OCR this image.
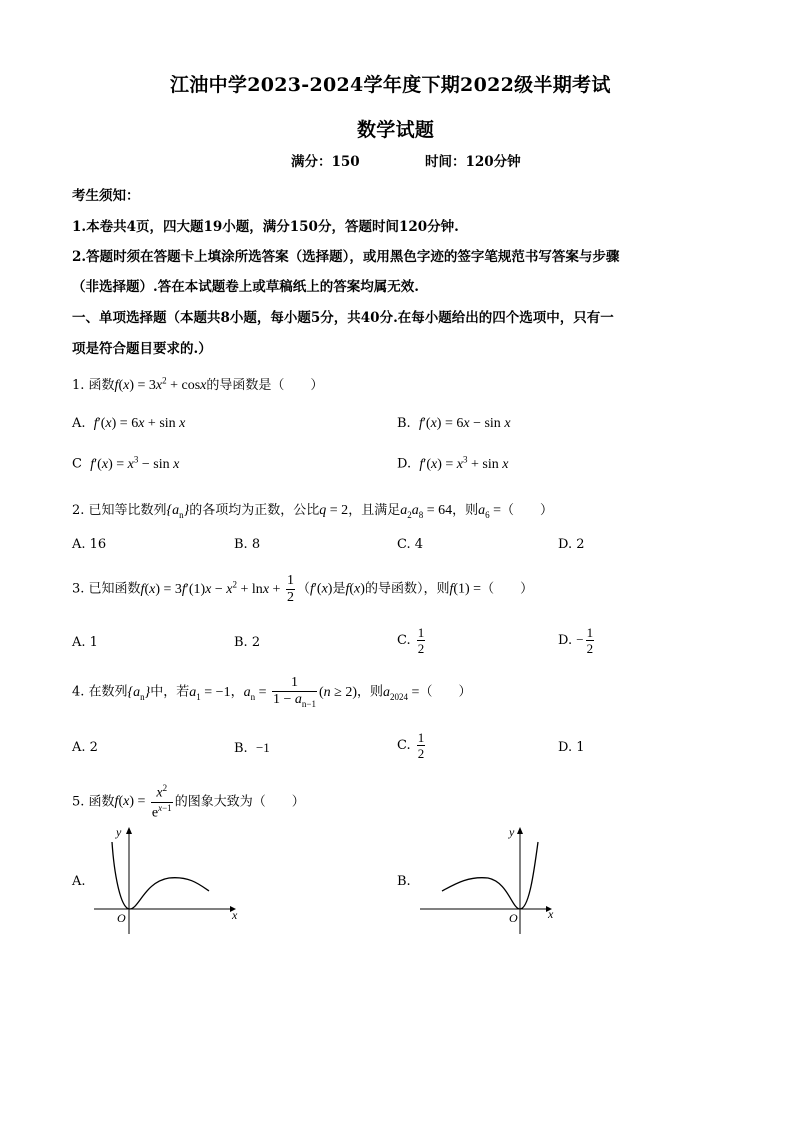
江油中学2023-2024学年度下期2022级半期考试
数学试题
满分：150	时间：120分钟
考生须知：
1.本卷共4页，四大题19小题，满分150分，答题时间120分钟.
2.答题时须在答题卡上填涂所选答案（选择题），或用黑色字迹的签字笔规范书写答案与步骤
（非选择题）.答在本试题卷上或草稿纸上的答案均属无效.
一、单项选择题（本题共8小题，每小题5分，共40分.在每小题给出的四个选项中，只有一
项是符合题目要求的.）
1. 函数$f(x) = 3x^2 + \cos x$的导函数是（　　）
A. f′(x) = 6x + sin x	B. f′(x) = 6x − sin x
C $f'(x) = x^3 - \sin x$	D. $f'(x) = x^3 + \sin x$
2. 已知等比数列$\{a_n\}$的各项均为正数，公比q = 2，且满足$a_2a_8 = 64$，则$a_6$ =（　　）
A. 16	B. 8	C. 4	D. 2
3. 已知函数$f(x) = 3f'(1)x - x^2 + \ln x + \frac{1}{2} (f'(x)$是f(x)的导函数），则f(1) =（　　）
A. 1	B. 2	C. $\frac{1}{2}$	D. − $\frac{1}{2}$
4. 在数列$\{a_n\}$中，若$a_1 = -1$，$a_n = \frac{1}{1 - a_{n-1}} (n \ge 2)$，则$a_{2024}$ =（　　）
A. 2	B. −1	C. $\frac{1}{2}$	D. 1
5. 函数$f(x) = \frac{x^2}{e^{x-1}}$ 的图象大致为（　　）
A.
y
x
O
B.
y
x
O
